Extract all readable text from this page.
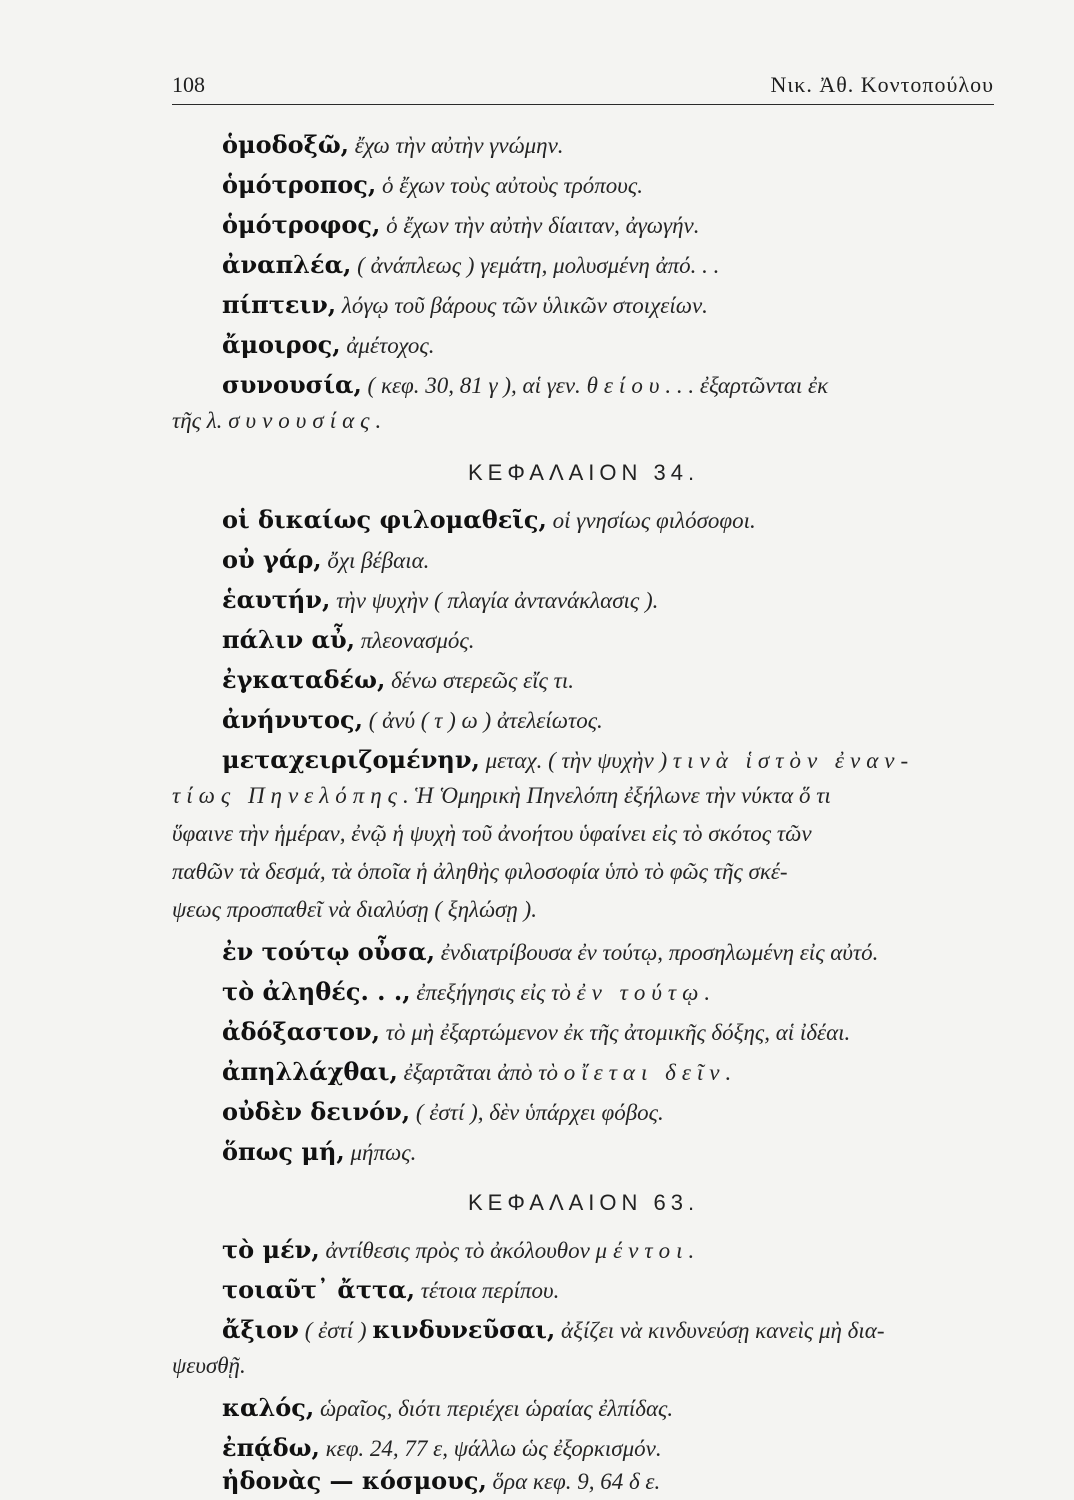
108	Νικ. Ἀθ. Κοντοπούλου
ὁμοδοξῶ, ἔχω τὴν αὐτὴν γνώμην.
ὁμότροπος, ὁ ἔχων τοὺς αὐτοὺς τρόπους.
ὁμότροφος, ὁ ἔχων τὴν αὐτὴν δίαιταν, ἀγωγήν.
ἀναπλέα, ( ἀνάπλεως ) γεμάτη, μολυσμένη ἀπό. . .
πίπτειν, λόγῳ τοῦ βάρους τῶν ὑλικῶν στοιχείων.
ἄμοιρος, ἀμέτοχος.
συνουσία, ( κεφ. 30, 81 γ ), αἱ γεν. θείου. . . ἐξαρτῶνται ἐκ
τῆς λ. συνουσίας.
ΚΕΦΑΛΑΙΟΝ 34.
οἱ δικαίως φιλομαθεῖς, οἱ γνησίως φιλόσοφοι.
οὐ γάρ, ὄχι βέβαια.
ἑαυτήν, τὴν ψυχὴν ( πλαγία ἀντανάκλασις ).
πάλιν αὖ, πλεονασμός.
ἐγκαταδέω, δένω στερεῶς εἴς τι.
ἀνήνυτος, ( ἀνύ ( τ ) ω ) ἀτελείωτος.
μεταχειριζομένην, μεταχ. ( τὴν ψυχὴν ) τινὰ ἱστὸν ἐναν-
τίως Πηνελόπης. Ἡ Ὁμηρικὴ Πηνελόπη ἐξήλωνε τὴν νύκτα ὅ τι
ὕφαινε τὴν ἡμέραν, ἐνῷ ἡ ψυχὴ τοῦ ἀνοήτου ὑφαίνει εἰς τὸ σκότος τῶν
παθῶν τὰ δεσμά, τὰ ὁποῖα ἡ ἀληθὴς φιλοσοφία ὑπὸ τὸ φῶς τῆς σκέ-
ψεως προσπαθεῖ νὰ διαλύσῃ ( ξηλώσῃ ).
ἐν τούτῳ οὖσα, ἐνδιατρίβουσα ἐν τούτῳ, προσηλωμένη εἰς αὐτό.
τὸ ἀληθές. . ., ἐπεξήγησις εἰς τὸ ἐν τούτῳ.
ἀδόξαστον, τὸ μὴ ἐξαρτώμενον ἐκ τῆς ἀτομικῆς δόξης, αἱ ἰδέαι.
ἀπηλλάχθαι, ἐξαρτᾶται ἀπὸ τὸ οἴεται δεῖν.
οὐδὲν δεινόν, ( ἐστί ), δὲν ὑπάρχει φόβος.
ὅπως μή, μήπως.
ΚΕΦΑΛΑΙΟΝ 63.
τὸ μέν, ἀντίθεσις πρὸς τὸ ἀκόλουθον μέντοι.
τοιαῦτ᾿ ἄττα, τέτοια περίπου.
ἄξιον ( ἐστί ) κινδυνεῦσαι, ἀξίζει νὰ κινδυνεύσῃ κανεὶς μὴ δια-
ψευσθῇ.
καλός, ὡραῖος, διότι περιέχει ὡραίας ἐλπίδας.
ἐπᾴδω, κεφ. 24, 77 ε, ψάλλω ὡς ἐξορκισμόν.
ἡδονὰς — κόσμους, ὅρα κεφ. 9, 64 δ ε.
